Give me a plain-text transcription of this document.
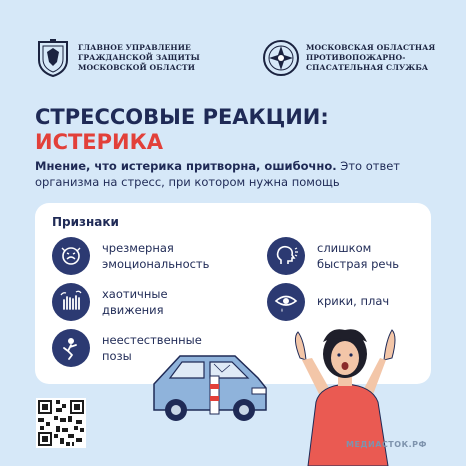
ГЛАВНОЕ УПРАВЛЕНИЕ
ГРАЖДАНСКОЙ ЗАЩИТЫ
МОСКОВСКОЙ ОБЛАСТИ
МОСКОВСКАЯ ОБЛАСТНАЯ
ПРОТИВОПОЖАРНО-
СПАСАТЕЛЬНАЯ СЛУЖБА
СТРЕССОВЫЕ РЕАКЦИИ:
ИСТЕРИКА
Мнение, что истерика притворна, ошибочно. Это ответ
организма на стресс, при котором нужна помощь
Признаки
чрезмерная
эмоциональность
хаотичные
движения
неестественные
позы
слишком
быстрая речь
крики, плач
МЕДИАСТОК.РФ
